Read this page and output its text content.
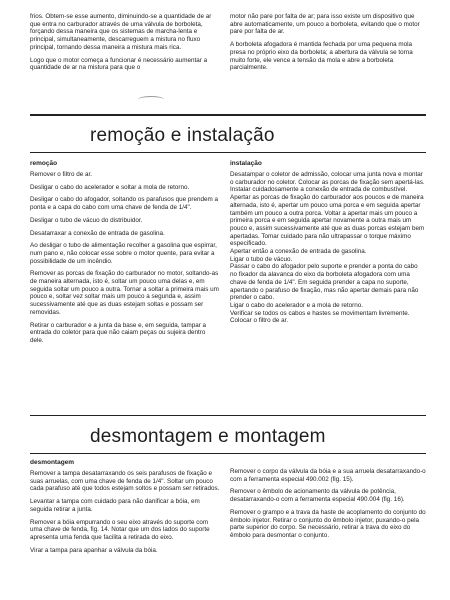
frios. Obtem-se esse aumento, diminuindo-se a quantidade de ar que entra no carburador através de uma válvula de borboleta, forçando dessa maneira que os sistemas de marcha-lenta e principal, simultaneamente, descarreguem a mistura no fluxo principal, tornando dessa maneira a mistura mais rica.

Logo que o motor começa a funcionar é necessário aumentar a quantidade de ar na mistura para que o

motor não pare por falta de ar; para isso existe um dispositivo que abre automaticamente, um pouco a borboleta, evitando que o motor pare por falta de ar.

A borboleta afogadora é mantida fechada por uma pequena mola presa no próprio eixo da borboleta; a abertura da válvula se torna muito forte, ele vence a tensão da mola e abre a borboleta parcialmente.

remoção e instalação
remoção

Remover o filtro de ar.

Desligar o cabo do acelerador e soltar a mola de retorno.

Desligar o cabo do afogador, soltando os parafusos que prendem a ponta e a capa do cabo com uma chave de fenda de 1/4".

Desligar o tubo de vácuo do distribuidor.

Desatarraxar a conexão de entrada de gasolina.

Ao desligar o tubo de alimentação recolher a gasolina que espirrar, num pano e, não colocar esse sobre o motor quente, para evitar a possibilidade de um incêndio.

Remover as porcas de fixação do carburador no motor, soltando-as de maneira alternada, isto é, soltar um pouco uma delas e, em seguida soltar um pouco a outra. Tornar a soltar a primeira mais um pouco e, soltar vez soltar mais um pouco a segunda e, assim sucessivamente até que as duas estejam soltas e possam ser removidas.

Retirar o carburador e a junta da base e, em seguida, tampar a entrada do coletor para que não caiam peças ou sujeira dentro dele.

instalação

Desatampar o coletor de admissão, colocar uma junta nova e montar o carburador no coletor. Colocar as porcas de fixação sem apertá-las.

Instalar cuidadosamente a conexão de entrada de combustível.

Apertar as porcas de fixação do carburador aos poucos e de maneira alternada, isto é, apertar um pouco uma porca e em seguida apertar também um pouco a outra porca. Voltar a apertar mais um pouco a primeira porca e em seguida apertar novamente a outra mais um pouco e, assim sucessivamente até que as duas porcas estejam bem apertadas. Tomar cuidado para não ultrapassar o torque máximo especificado.

Apertar então a conexão de entrada de gasolina.

Ligar o tubo de vácuo.

Passar o cabo do afogador pelo suporte e prender a ponta do cabo no fixador da alavanca do eixo da borboleta afogadora com uma chave de fenda de 1/4". Em seguida prender a capa no suporte, apertando o parafuso de fixação, mas não apertar demais para não prender o cabo.

Ligar o cabo do acelerador e a mola de retorno.

Verificar se todos os cabos e hastes se movimentam livremente.

Colocar o filtro de ar.

desmontagem e montagem
desmontagem

Remover a tampa desatarraxando os seis parafusos de fixação e suas arruelas, com uma chave de fenda de 1/4". Soltar um pouco cada parafuso até que todos estejam soltos e possam ser retirados.

Levantar a tampa com cuidado para não danificar a bóia, em seguida retirar a junta.

Remover a bóia empurrando o seu eixo através do suporte com uma chave de fenda, fig. 14. Notar que um dos lados do suporte apresenta uma fenda que facilita a retirada do eixo.

Virar a tampa para apanhar a válvula da bóia.

Remover o corpo da válvula da bóia e a sua arruela desatarraxando-o com a ferramenta especial 490.002 (fig. 15).

Remover o êmbolo de acionamento da válvula de potência, desatarraxando-o com a ferramenta especial 490.004 (fig. 16).

Remover o grampo e a trava da haste de acoplamento do conjunto do êmbolo injetor. Retirar o conjunto do êmbolo injetor, puxando-o pela parte superior do corpo. Se necessário, retirar a trava do eixo do êmbolo para desmontar o conjunto.
